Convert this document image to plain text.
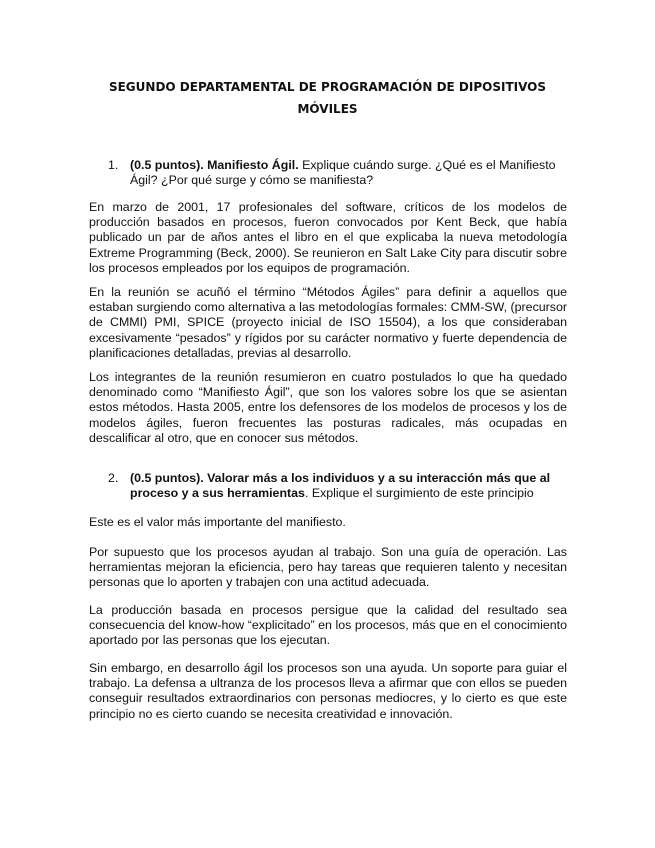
SEGUNDO DEPARTAMENTAL DE PROGRAMACIÓN DE DIPOSITIVOS
MÓVILES
1. (0.5 puntos). Manifiesto Ágil. Explique cuándo surge. ¿Qué es el Manifiesto Ágil? ¿Por qué surge y cómo se manifiesta?

En marzo de 2001, 17 profesionales del software, críticos de los modelos de producción basados en procesos, fueron convocados por Kent Beck, que había publicado un par de años antes el libro en el que explicaba la nueva metodología Extreme Programming (Beck, 2000). Se reunieron en Salt Lake City para discutir sobre los procesos empleados por los equipos de programación.

En la reunión se acuñó el término “Métodos Ágiles” para definir a aquellos que estaban surgiendo como alternativa a las metodologías formales: CMM-SW, (precursor de CMMI) PMI, SPICE (proyecto inicial de ISO 15504), a los que consideraban excesivamente “pesados” y rígidos por su carácter normativo y fuerte dependencia de planificaciones detalladas, previas al desarrollo.

Los integrantes de la reunión resumieron en cuatro postulados lo que ha quedado denominado como “Manifiesto Ágil”, que son los valores sobre los que se asientan estos métodos. Hasta 2005, entre los defensores de los modelos de procesos y los de modelos ágiles, fueron frecuentes las posturas radicales, más ocupadas en descalificar al otro, que en conocer sus métodos.

2. (0.5 puntos). Valorar más a los individuos y a su interacción más que al proceso y a sus herramientas. Explique el surgimiento de este principio

Este es el valor más importante del manifiesto.

Por supuesto que los procesos ayudan al trabajo. Son una guía de operación. Las herramientas mejoran la eficiencia, pero hay tareas que requieren talento y necesitan personas que lo aporten y trabajen con una actitud adecuada.

La producción basada en procesos persigue que la calidad del resultado sea consecuencia del know-how “explicitado” en los procesos, más que en el conocimiento aportado por las personas que los ejecutan.

Sin embargo, en desarrollo ágil los procesos son una ayuda. Un soporte para guiar el trabajo. La defensa a ultranza de los procesos lleva a afirmar que con ellos se pueden conseguir resultados extraordinarios con personas mediocres, y lo cierto es que este principio no es cierto cuando se necesita creatividad e innovación.
